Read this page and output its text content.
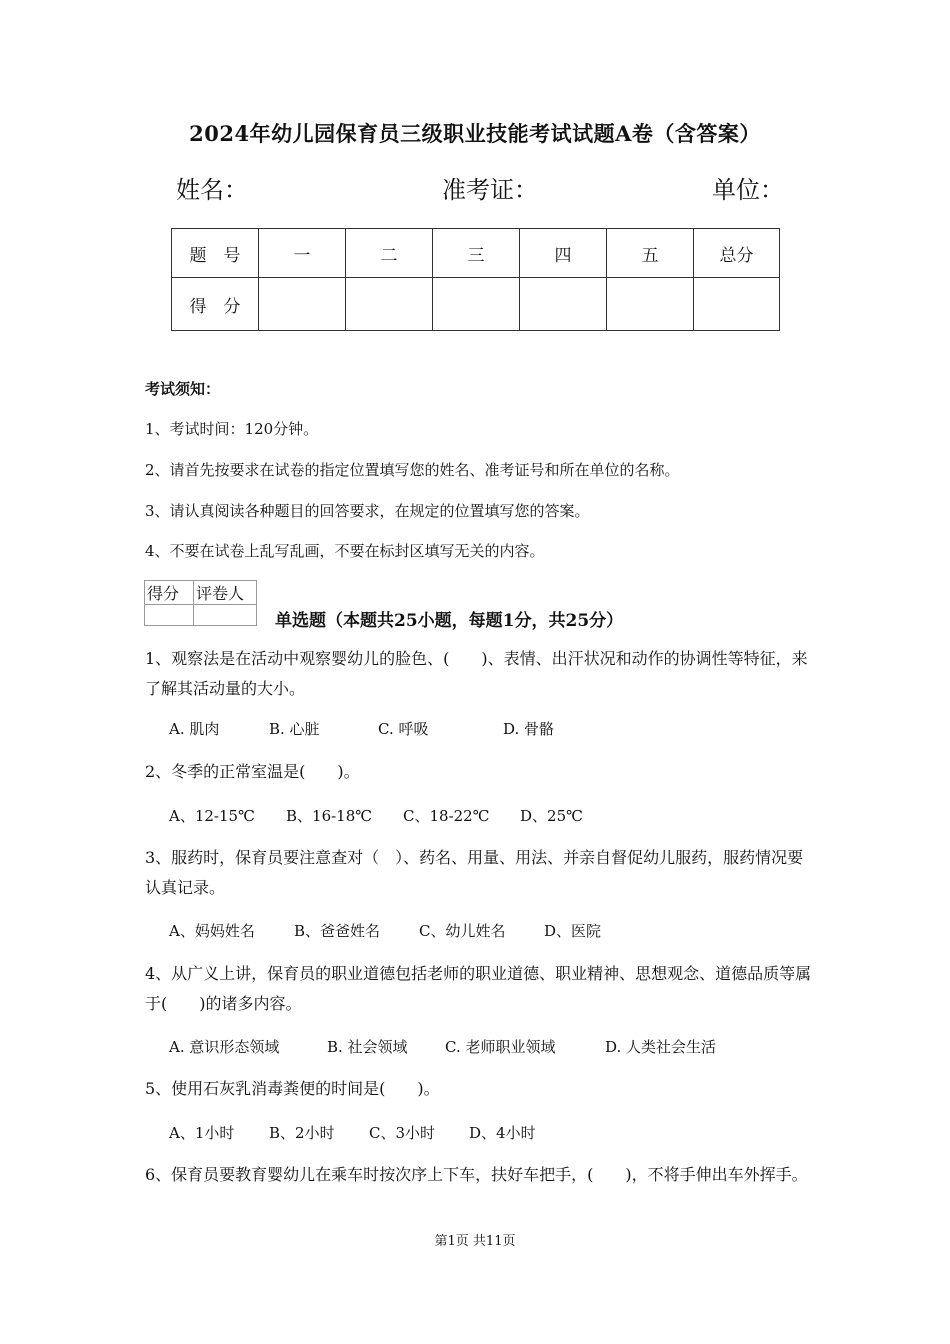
2024年幼儿园保育员三级职业技能考试试题A卷（含答案）
姓名：	准考证：	单位：
题　号	一	二	三	四	五	总分
得　分						
考试须知：
1、考试时间：120分钟。
2、请首先按要求在试卷的指定位置填写您的姓名、准考证号和所在单位的名称。
3、请认真阅读各种题目的回答要求，在规定的位置填写您的答案。
4、不要在试卷上乱写乱画，不要在标封区填写无关的内容。
得分	评卷人

单选题（本题共25小题，每题1分，共25分）
1、观察法是在活动中观察婴幼儿的脸色、(　　)、表情、出汗状况和动作的协调性等特征，来了解其活动量的大小。
A. 肌肉	B. 心脏	C. 呼吸	D. 骨骼
2、冬季的正常室温是(　　)。
A、12-15℃ B、16-18℃ C、18-22℃ D、25℃
3、服药时，保育员要注意查对（　）、药名、用量、用法、并亲自督促幼儿服药，服药情况要认真记录。
A、妈妈姓名	B、爸爸姓名	C、幼儿姓名	D、医院
4、从广义上讲，保育员的职业道德包括老师的职业道德、职业精神、思想观念、道德品质等属于(　　)的诸多内容。
A. 意识形态领域	B. 社会领域 C. 老师职业领域	D. 人类社会生活
5、使用石灰乳消毒粪便的时间是(　　)。
A、1小时 B、2小时 C、3小时 D、4小时
6、保育员要教育婴幼儿在乘车时按次序上下车，扶好车把手，(　　)，不将手伸出车外挥手。
第1页 共11页
